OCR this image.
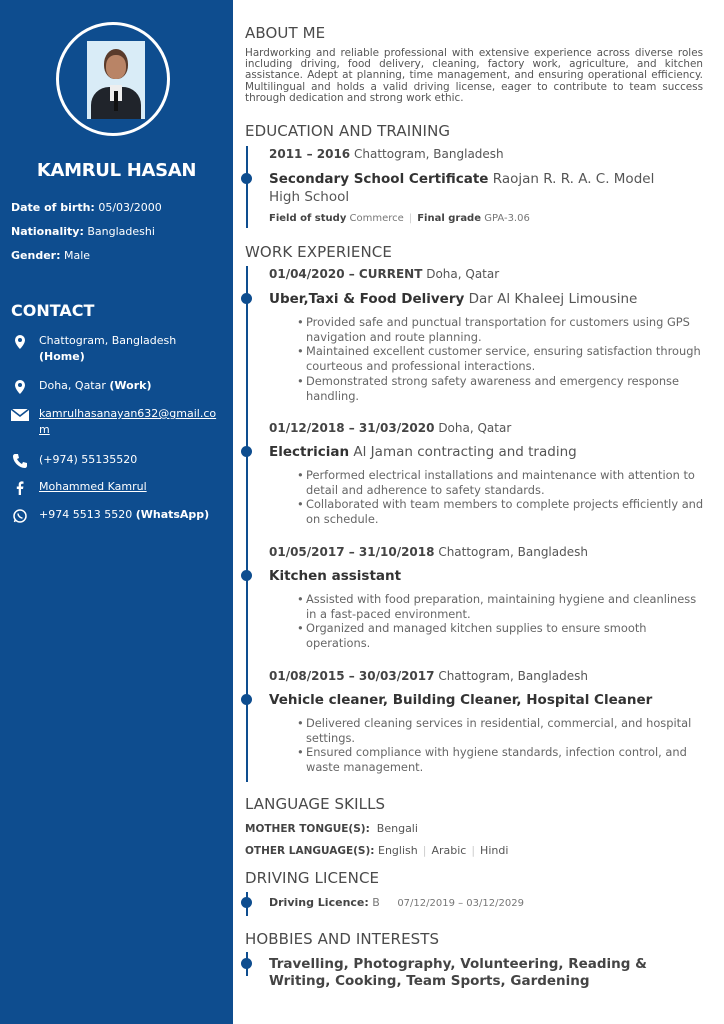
KAMRUL HASAN
Date of birth: 05/03/2000
Nationality: Bangladeshi
Gender: Male
CONTACT
Chattogram, Bangladesh
(Home)
Doha, Qatar (Work)
kamrulhasanayan632@gmail.com
(+974) 55135520
Mohammed Kamrul
+974 5513 5520 (WhatsApp)
ABOUT ME
Hardworking and reliable professional with extensive experience across diverse roles including driving, food delivery, cleaning, factory work, agriculture, and kitchen assistance. Adept at planning, time management, and ensuring operational efficiency. Multilingual and holds a valid driving license, eager to contribute to team success through dedication and strong work ethic.
EDUCATION AND TRAINING
2011 – 2016 Chattogram, Bangladesh
Secondary School Certificate Raojan R. R. A. C. Model High School
Field of study Commerce | Final grade GPA-3.06
WORK EXPERIENCE
01/04/2020 – CURRENT Doha, Qatar
Uber,Taxi & Food Delivery Dar Al Khaleej Limousine
• Provided safe and punctual transportation for customers using GPS navigation and route planning.
• Maintained excellent customer service, ensuring satisfaction through courteous and professional interactions.
• Demonstrated strong safety awareness and emergency response handling.
01/12/2018 – 31/03/2020 Doha, Qatar
Electrician Al Jaman contracting and trading
• Performed electrical installations and maintenance with attention to detail and adherence to safety standards.
• Collaborated with team members to complete projects efficiently and on schedule.
01/05/2017 – 31/10/2018 Chattogram, Bangladesh
Kitchen assistant
• Assisted with food preparation, maintaining hygiene and cleanliness in a fast-paced environment.
• Organized and managed kitchen supplies to ensure smooth operations.
01/08/2015 – 30/03/2017 Chattogram, Bangladesh
Vehicle cleaner, Building Cleaner, Hospital Cleaner
• Delivered cleaning services in residential, commercial, and hospital settings.
• Ensured compliance with hygiene standards, infection control, and waste management.
LANGUAGE SKILLS
MOTHER TONGUE(S): Bengali
OTHER LANGUAGE(S): English | Arabic | Hindi
DRIVING LICENCE
Driving Licence: B 07/12/2019 – 03/12/2029
HOBBIES AND INTERESTS
Travelling, Photography, Volunteering, Reading & Writing, Cooking, Team Sports, Gardening
